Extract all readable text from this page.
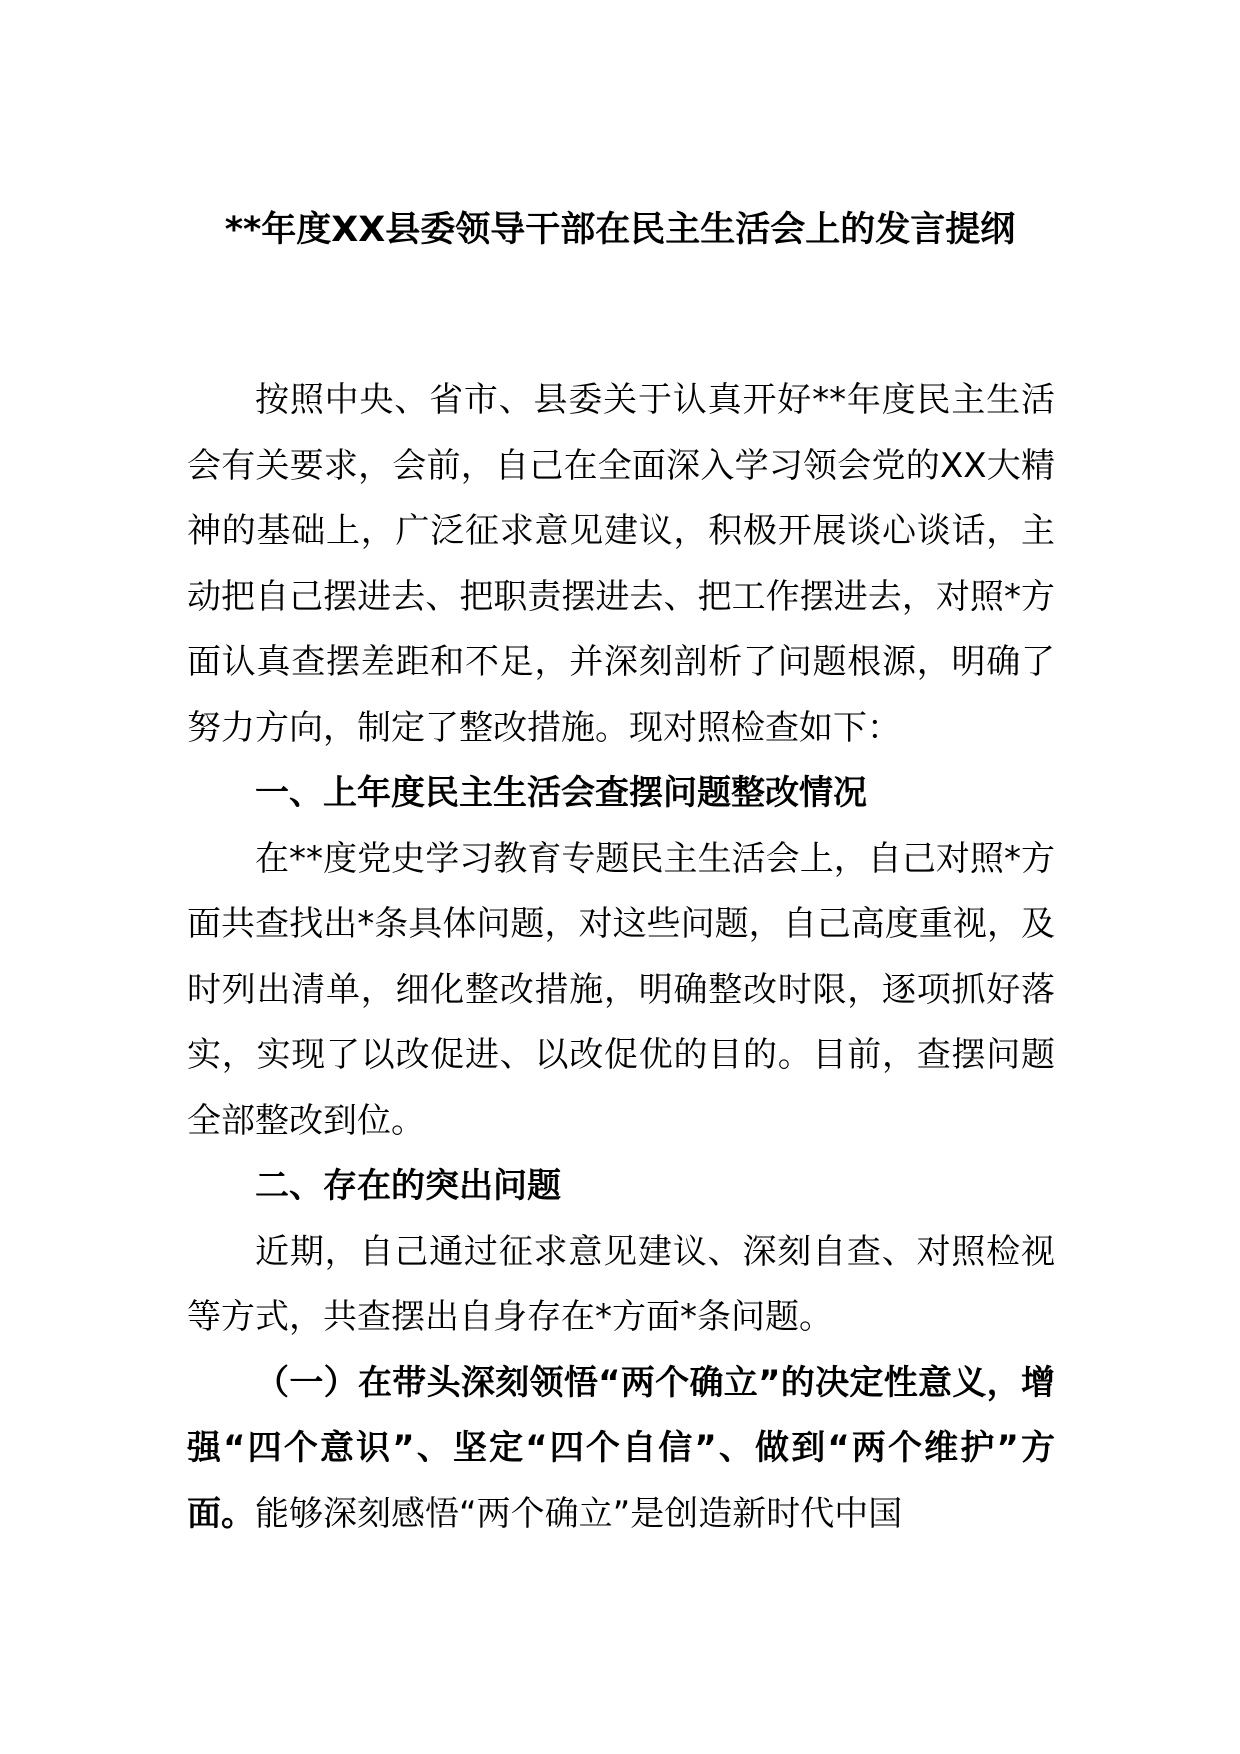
**年度XX县委领导干部在民主生活会上的发言提纲

按照中央、省市、县委关于认真开好**年度民主生活会有关要求，会前，自己在全面深入学习领会党的XX大精神的基础上，广泛征求意见建议，积极开展谈心谈话，主动把自己摆进去、把职责摆进去、把工作摆进去，对照*方面认真查摆差距和不足，并深刻剖析了问题根源，明确了努力方向，制定了整改措施。现对照检查如下：

一、上年度民主生活会查摆问题整改情况

在**度党史学习教育专题民主生活会上，自己对照*方面共查找出*条具体问题，对这些问题，自己高度重视，及时列出清单，细化整改措施，明确整改时限，逐项抓好落实，实现了以改促进、以改促优的目的。目前，查摆问题全部整改到位。

二、存在的突出问题

近期，自己通过征求意见建议、深刻自查、对照检视等方式，共查摆出自身存在*方面*条问题。

（一）在带头深刻领悟“两个确立”的决定性意义，增强“四个意识”、坚定“四个自信”、做到“两个维护”方面。能够深刻感悟“两个确立”是创造新时代中国
